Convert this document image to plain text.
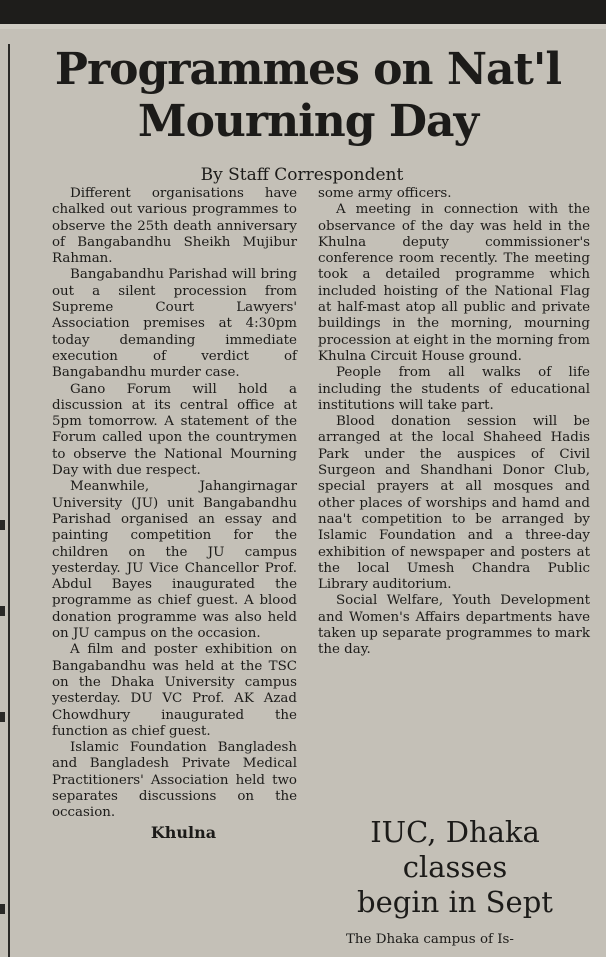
Programmes on Nat'l
Mourning Day
By Staff Correspondent

Different organisations have chalked out various programmes to observe the 25th death anniversary of Bangabandhu Sheikh Mujibur Rahman.

Bangabandhu Parishad will bring out a silent procession from Supreme Court Lawyers' Association premises at 4:30pm today demanding immediate execution of verdict of Bangabandhu murder case.

Gano Forum will hold a discussion at its central office at 5pm tomorrow. A statement of the Forum called upon the countrymen to observe the National Mourning Day with due respect.

Meanwhile, Jahangirnagar University (JU) unit Bangabandhu Parishad organised an essay and painting competition for the children on the JU campus yesterday. JU Vice Chancellor Prof. Abdul Bayes inaugurated the programme as chief guest. A blood donation programme was also held on JU campus on the occasion.

A film and poster exhibition on Bangabandhu was held at the TSC on the Dhaka University campus yesterday. DU VC Prof. AK Azad Chowdhury inaugurated the function as chief guest.

Islamic Foundation Bangladesh and Bangladesh Private Medical Practitioners' Association held two separates discussions on the occasion.

Khulna

some army officers.

A meeting in connection with the observance of the day was held in the Khulna deputy commissioner's conference room recently. The meeting took a detailed programme which included hoisting of the National Flag at half-mast atop all public and private buildings in the morning, mourning procession at eight in the morning from Khulna Circuit House ground.

People from all walks of life including the students of educational institutions will take part.

Blood donation session will be arranged at the local Shaheed Hadis Park under the auspices of Civil Surgeon and Shandhani Donor Club, special prayers at all mosques and other places of worships and hamd and naa't competition to be arranged by Islamic Foundation and a three-day exhibition of newspaper and posters at the local Umesh Chandra Public Library auditorium.

Social Welfare, Youth Development and Women's Affairs departments have taken up separate programmes to mark the day.

IUC, Dhaka
classes
begin in Sept
The Dhaka campus of Is-
